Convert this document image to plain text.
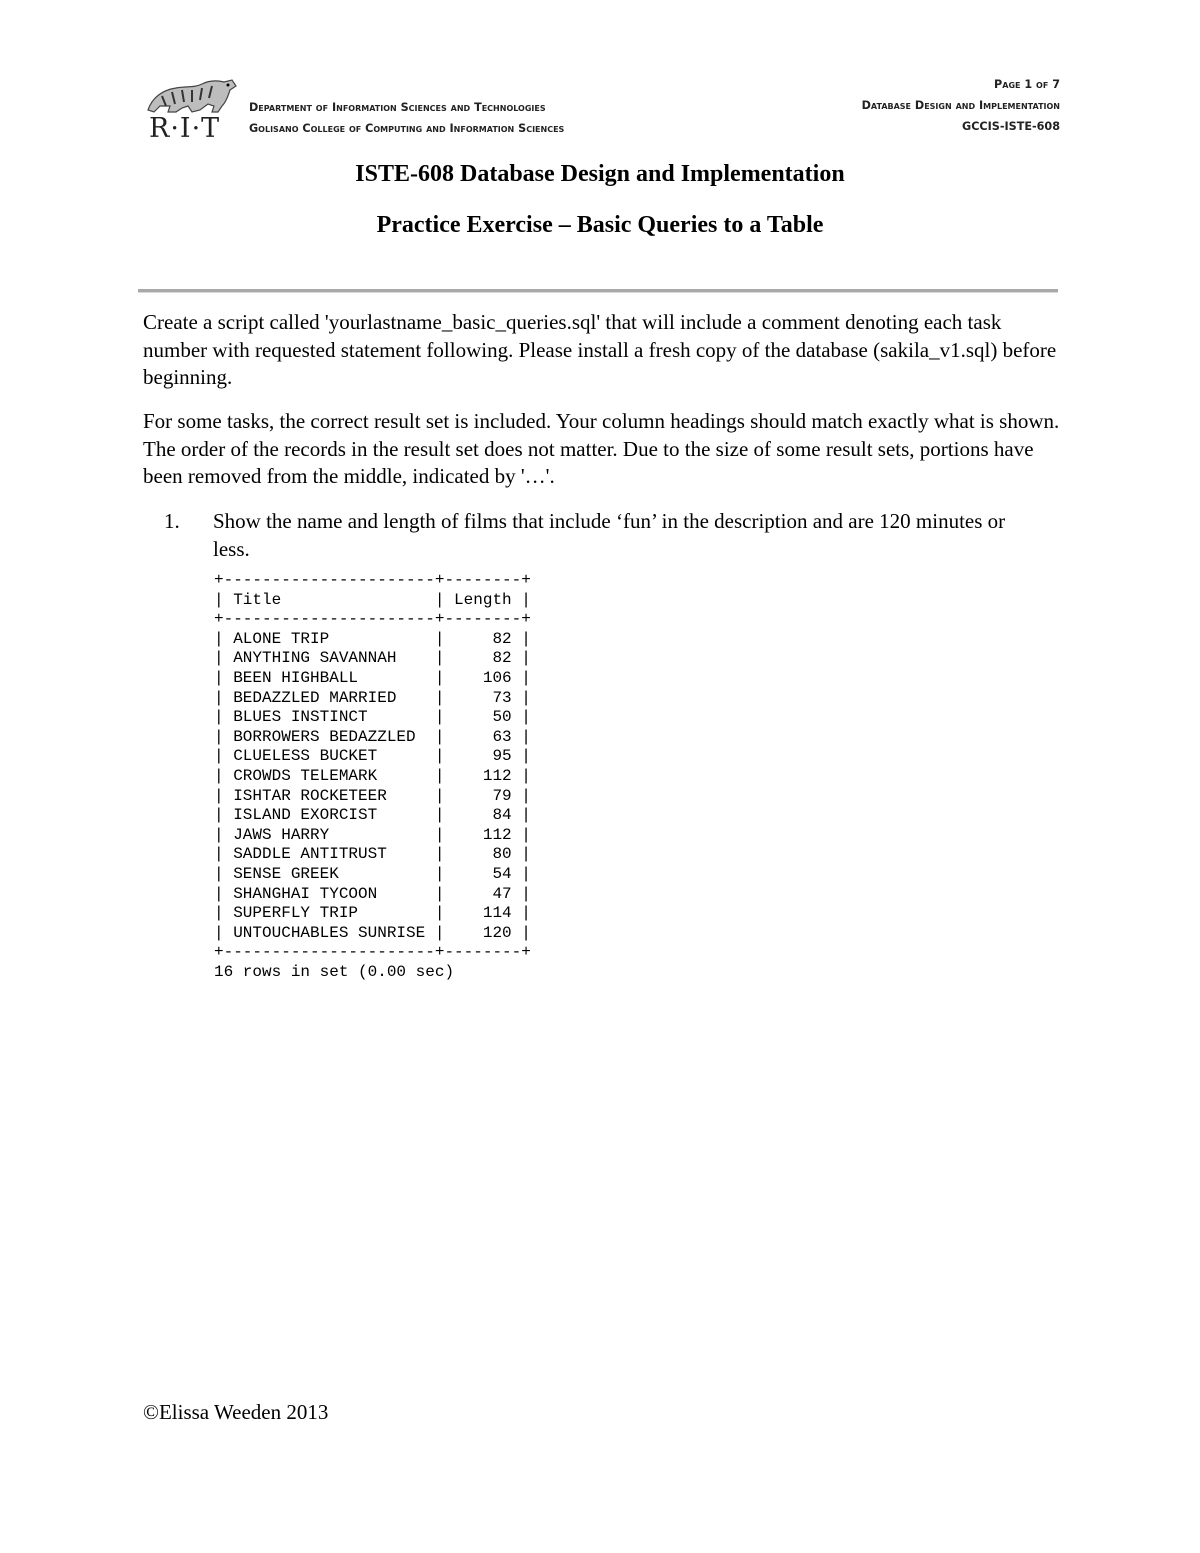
R·I·T
Department of Information Sciences and Technologies
Golisano College of Computing and Information Sciences
Page 1 of 7
Database Design and Implementation
GCCIS-ISTE-608
ISTE-608 Database Design and Implementation
Practice Exercise – Basic Queries to a Table
Create a script called 'yourlastname_basic_queries.sql' that will include a comment denoting each task number with requested statement following. Please install a fresh copy of the database (sakila_v1.sql) before beginning.
For some tasks, the correct result set is included. Your column headings should match exactly what is shown. The order of the records in the result set does not matter. Due to the size of some result sets, portions have been removed from the middle, indicated by '…'.
1. Show the name and length of films that include ‘fun’ in the description and are 120 minutes or less.
+----------------------+--------+
| Title                | Length |
+----------------------+--------+
| ALONE TRIP           |     82 |
| ANYTHING SAVANNAH    |     82 |
| BEEN HIGHBALL        |    106 |
| BEDAZZLED MARRIED    |     73 |
| BLUES INSTINCT       |     50 |
| BORROWERS BEDAZZLED  |     63 |
| CLUELESS BUCKET      |     95 |
| CROWDS TELEMARK      |    112 |
| ISHTAR ROCKETEER     |     79 |
| ISLAND EXORCIST      |     84 |
| JAWS HARRY           |    112 |
| SADDLE ANTITRUST     |     80 |
| SENSE GREEK          |     54 |
| SHANGHAI TYCOON      |     47 |
| SUPERFLY TRIP        |    114 |
| UNTOUCHABLES SUNRISE |    120 |
+----------------------+--------+
16 rows in set (0.00 sec)
©Elissa Weeden 2013
